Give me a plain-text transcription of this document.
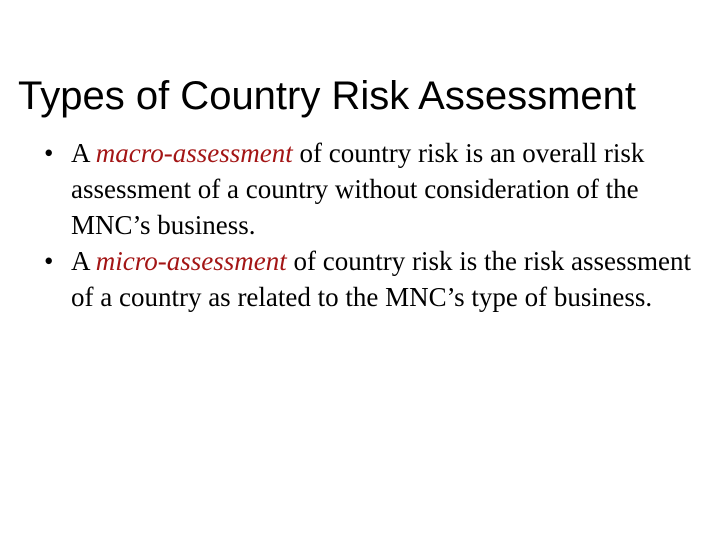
Types of Country Risk Assessment
• A macro-assessment of country risk is an overall risk assessment of a country without consideration of the MNC’s business.
• A micro-assessment of country risk is the risk assessment of a country as related to the MNC’s type of business.
